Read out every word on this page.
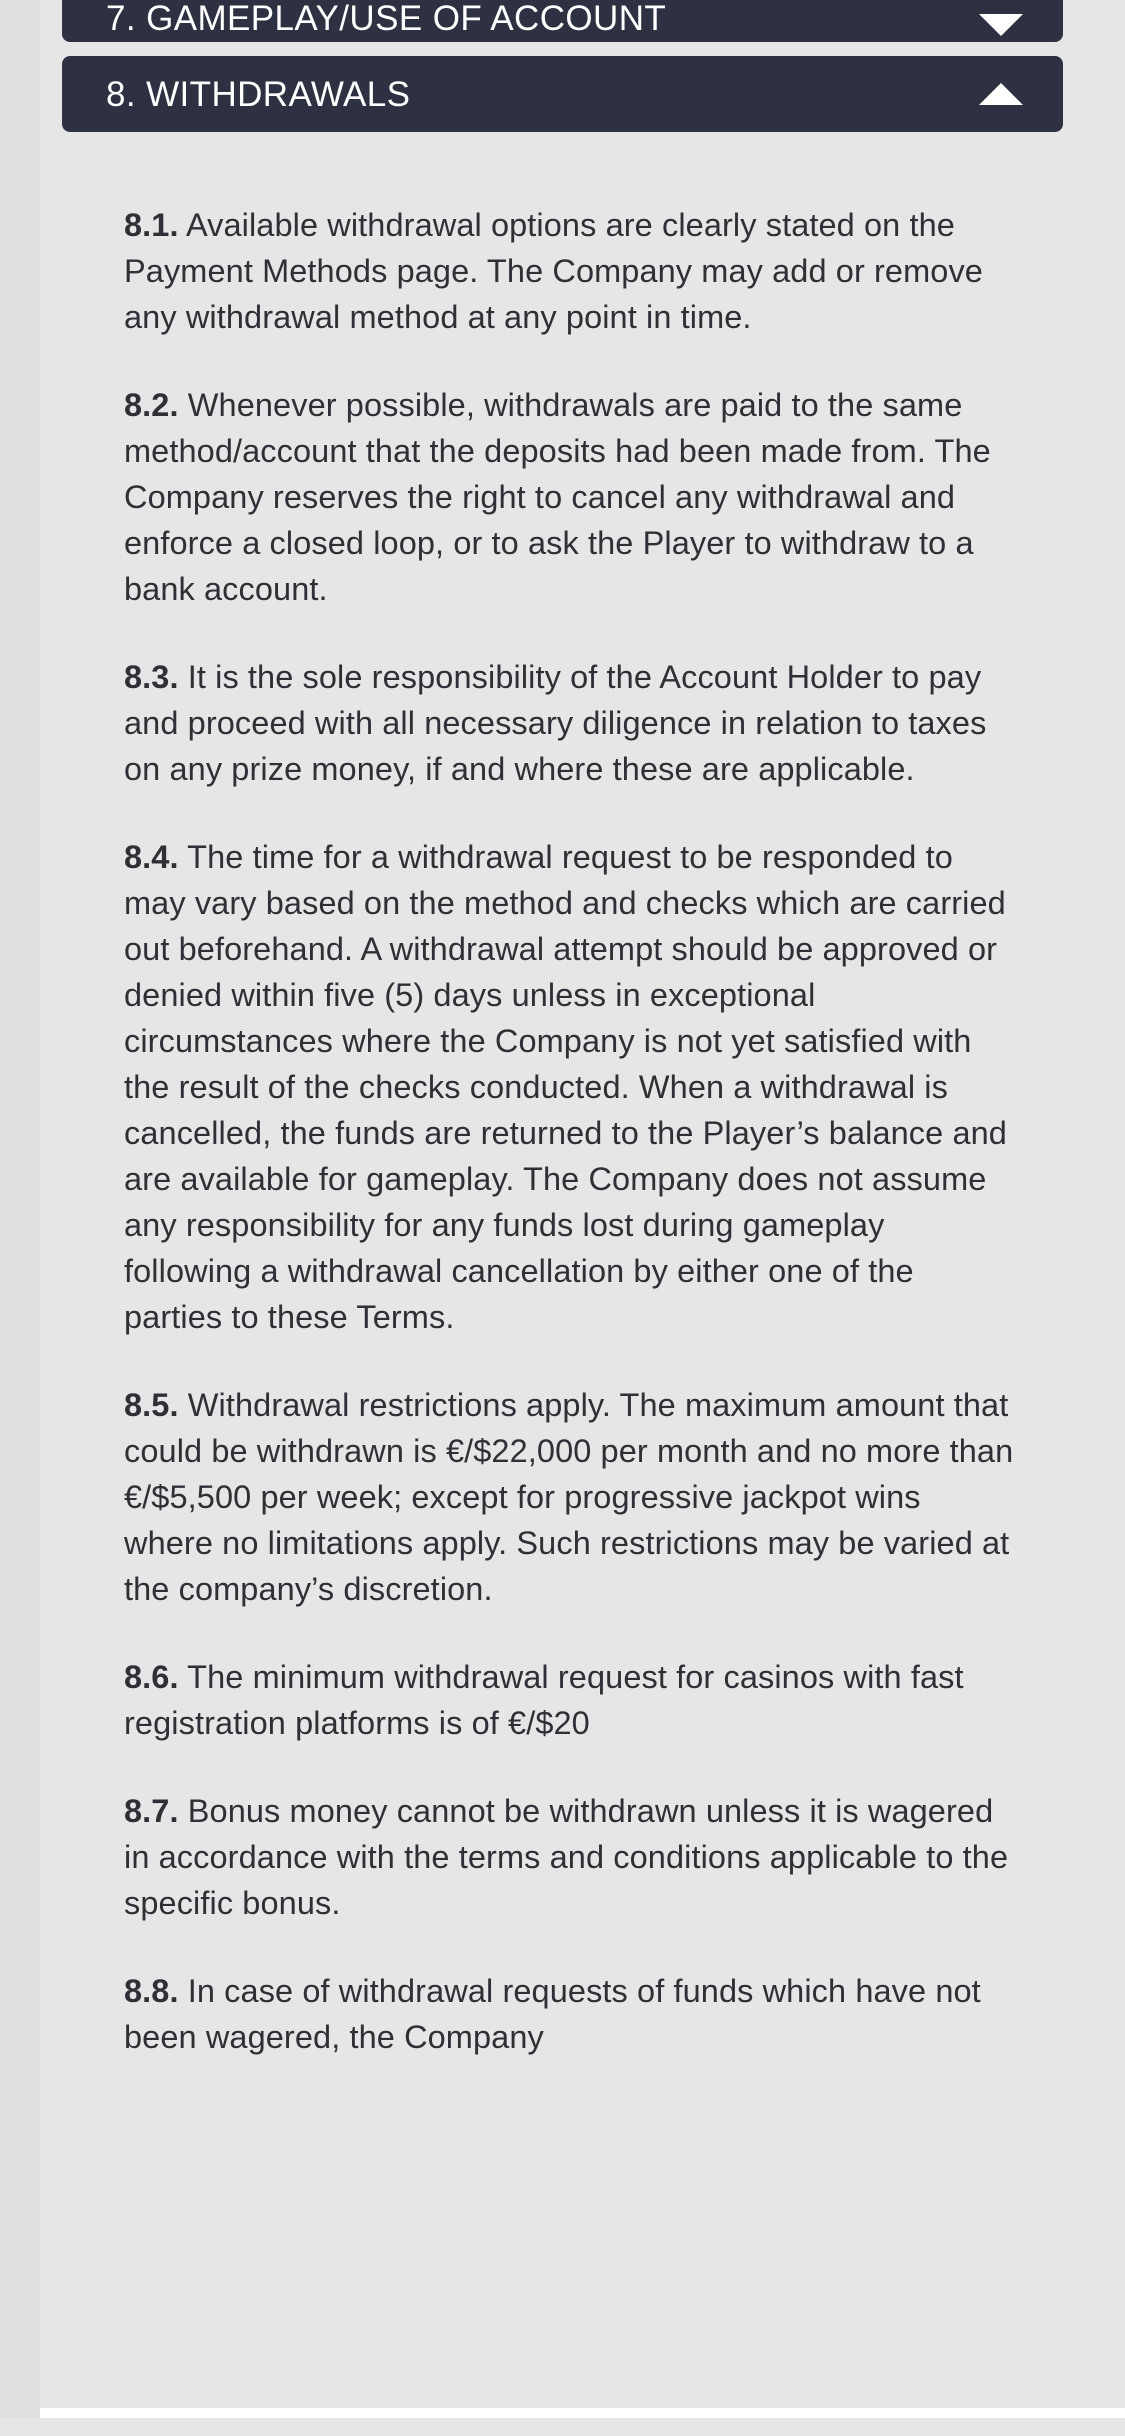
7. GAMEPLAY/USE OF ACCOUNT
8. WITHDRAWALS

8.1. Available withdrawal options are clearly stated on the Payment Methods page. The Company may add or remove any withdrawal method at any point in time.

8.2. Whenever possible, withdrawals are paid to the same method/account that the deposits had been made from. The Company reserves the right to cancel any withdrawal and enforce a closed loop, or to ask the Player to withdraw to a bank account.

8.3. It is the sole responsibility of the Account Holder to pay and proceed with all necessary diligence in relation to taxes on any prize money, if and where these are applicable.

8.4. The time for a withdrawal request to be responded to may vary based on the method and checks which are carried out beforehand. A withdrawal attempt should be approved or denied within five (5) days unless in exceptional circumstances where the Company is not yet satisfied with the result of the checks conducted. When a withdrawal is cancelled, the funds are returned to the Player’s balance and are available for gameplay. The Company does not assume any responsibility for any funds lost during gameplay following a withdrawal cancellation by either one of the parties to these Terms.

8.5. Withdrawal restrictions apply. The maximum amount that could be withdrawn is €/$22,000 per month and no more than €/$5,500 per week; except for progressive jackpot wins where no limitations apply. Such restrictions may be varied at the company’s discretion.

8.6. The minimum withdrawal request for casinos with fast registration platforms is of €/$20

8.7. Bonus money cannot be withdrawn unless it is wagered in accordance with the terms and conditions applicable to the specific bonus.

8.8. In case of withdrawal requests of funds which have not been wagered, the Company
